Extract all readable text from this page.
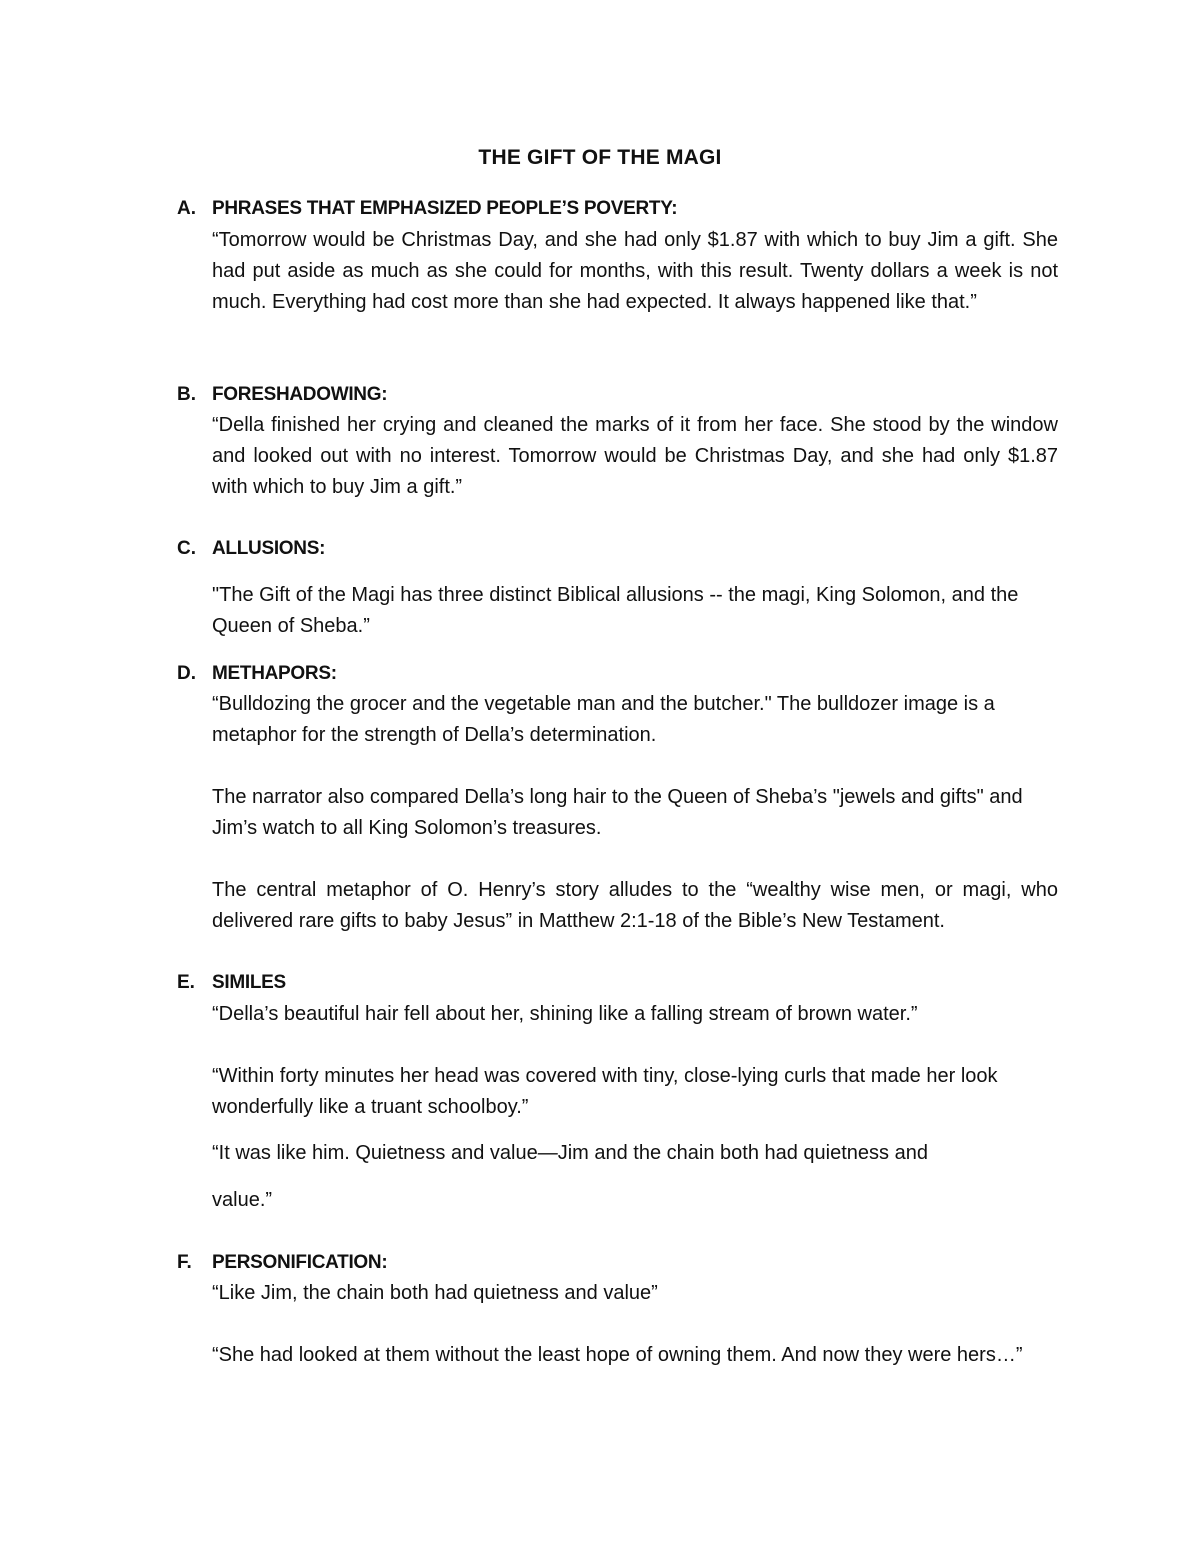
THE GIFT OF THE MAGI
A. PHRASES THAT EMPHASIZED PEOPLE’S POVERTY:

“Tomorrow would be Christmas Day, and she had only $1.87 with which to buy Jim a gift. She had put aside as much as she could for months, with this result. Twenty dollars a week is not much. Everything had cost more than she had expected. It always happened like that.”

B. FORESHADOWING:

“Della finished her crying and cleaned the marks of it from her face. She stood by the window and looked out with no interest. Tomorrow would be Christmas Day, and she had only $1.87 with which to buy Jim a gift.”

C. ALLUSIONS:

"The Gift of the Magi has three distinct Biblical allusions -- the magi, King Solomon, and the Queen of Sheba.”

D. METHAPORS:

“Bulldozing the grocer and the vegetable man and the butcher." The bulldozer image is a metaphor for the strength of Della’s determination.

The narrator also compared Della’s long hair to the Queen of Sheba’s "jewels and gifts" and Jim’s watch to all King Solomon’s treasures.

The central metaphor of O. Henry’s story alludes to the “wealthy wise men, or magi, who delivered rare gifts to baby Jesus” in Matthew 2:1-18 of the Bible’s New Testament.

E. SIMILES

“Della’s beautiful hair fell about her, shining like a falling stream of brown water.”

“Within forty minutes her head was covered with tiny, close-lying curls that made her look wonderfully like a truant schoolboy.”

“It was like him. Quietness and value—Jim and the chain both had quietness and

value.”

F. PERSONIFICATION:

“Like Jim, the chain both had quietness and value”

“She had looked at them without the least hope of owning them. And now they were hers…”
